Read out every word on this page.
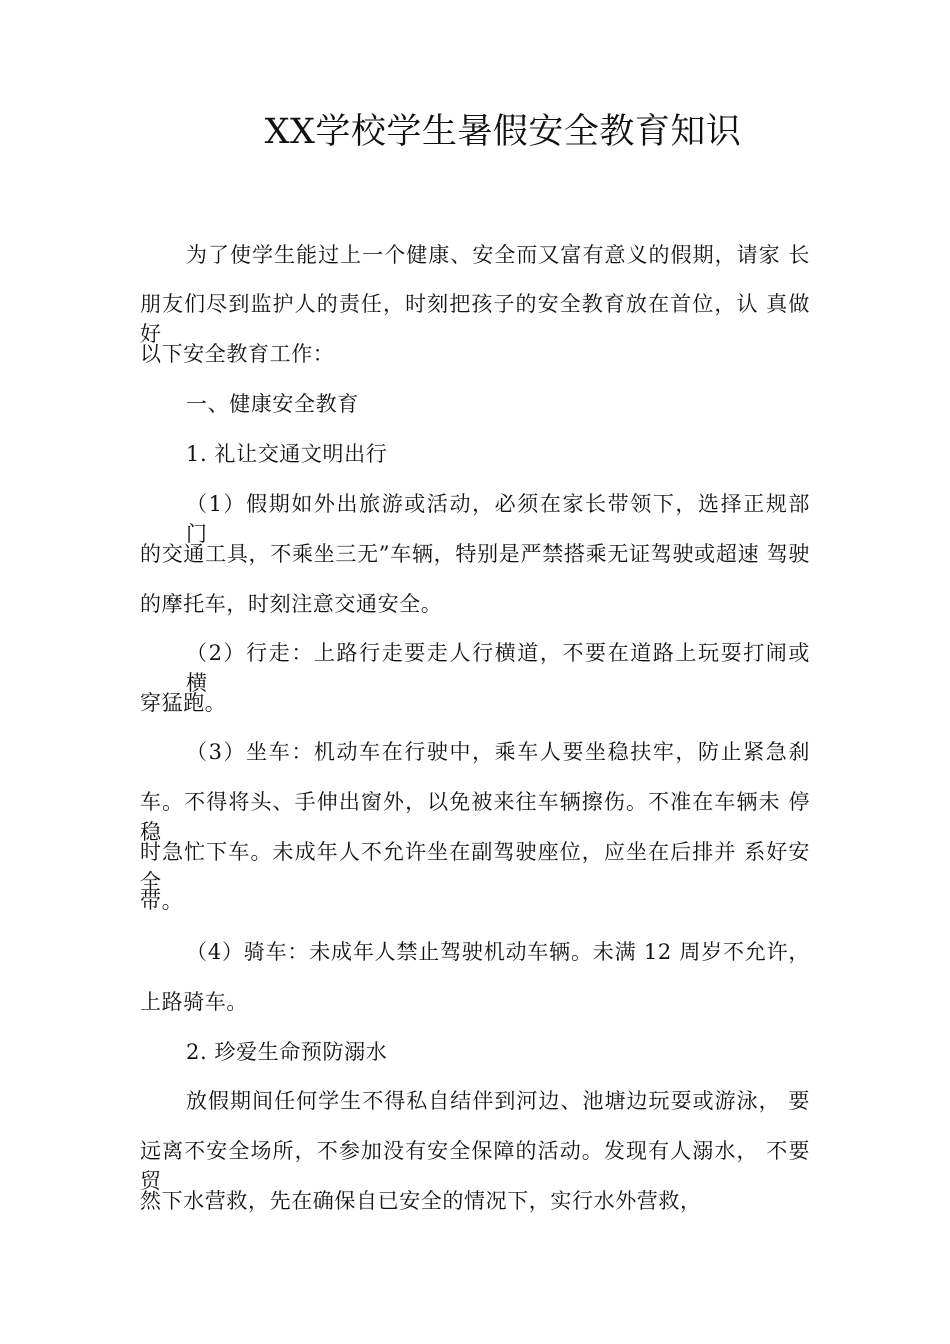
XX学校学生暑假安全教育知识
为了使学生能过上一个健康、安全而又富有意义的假期，请家 长
朋友们尽到监护人的责任，时刻把孩子的安全教育放在首位，认 真做好
以下安全教育工作：
一、健康安全教育
1. 礼让交通文明出行
（1）假期如外出旅游或活动，必须在家长带领下，选择正规部 门
的交通工具，不乘坐三无”车辆，特别是严禁搭乘无证驾驶或超速 驾驶
的摩托车，时刻注意交通安全。
（2）行走：上路行走要走人行横道，不要在道路上玩耍打闹或 横
穿猛跑。
（3）坐车：机动车在行驶中，乘车人要坐稳扶牢，防止紧急刹
车。不得将头、手伸出窗外，以免被来往车辆擦伤。不准在车辆未 停稳
时急忙下车。未成年人不允许坐在副驾驶座位，应坐在后排并 系好安全
带。
（4）骑车：未成年人禁止驾驶机动车辆。未满 12 周岁不允许，
上路骑车。
2. 珍爱生命预防溺水
放假期间任何学生不得私自结伴到河边、池塘边玩耍或游泳， 要
远离不安全场所，不参加没有安全保障的活动。发现有人溺水， 不要贸
然下水营救，先在确保自已安全的情况下，实行水外营救，
